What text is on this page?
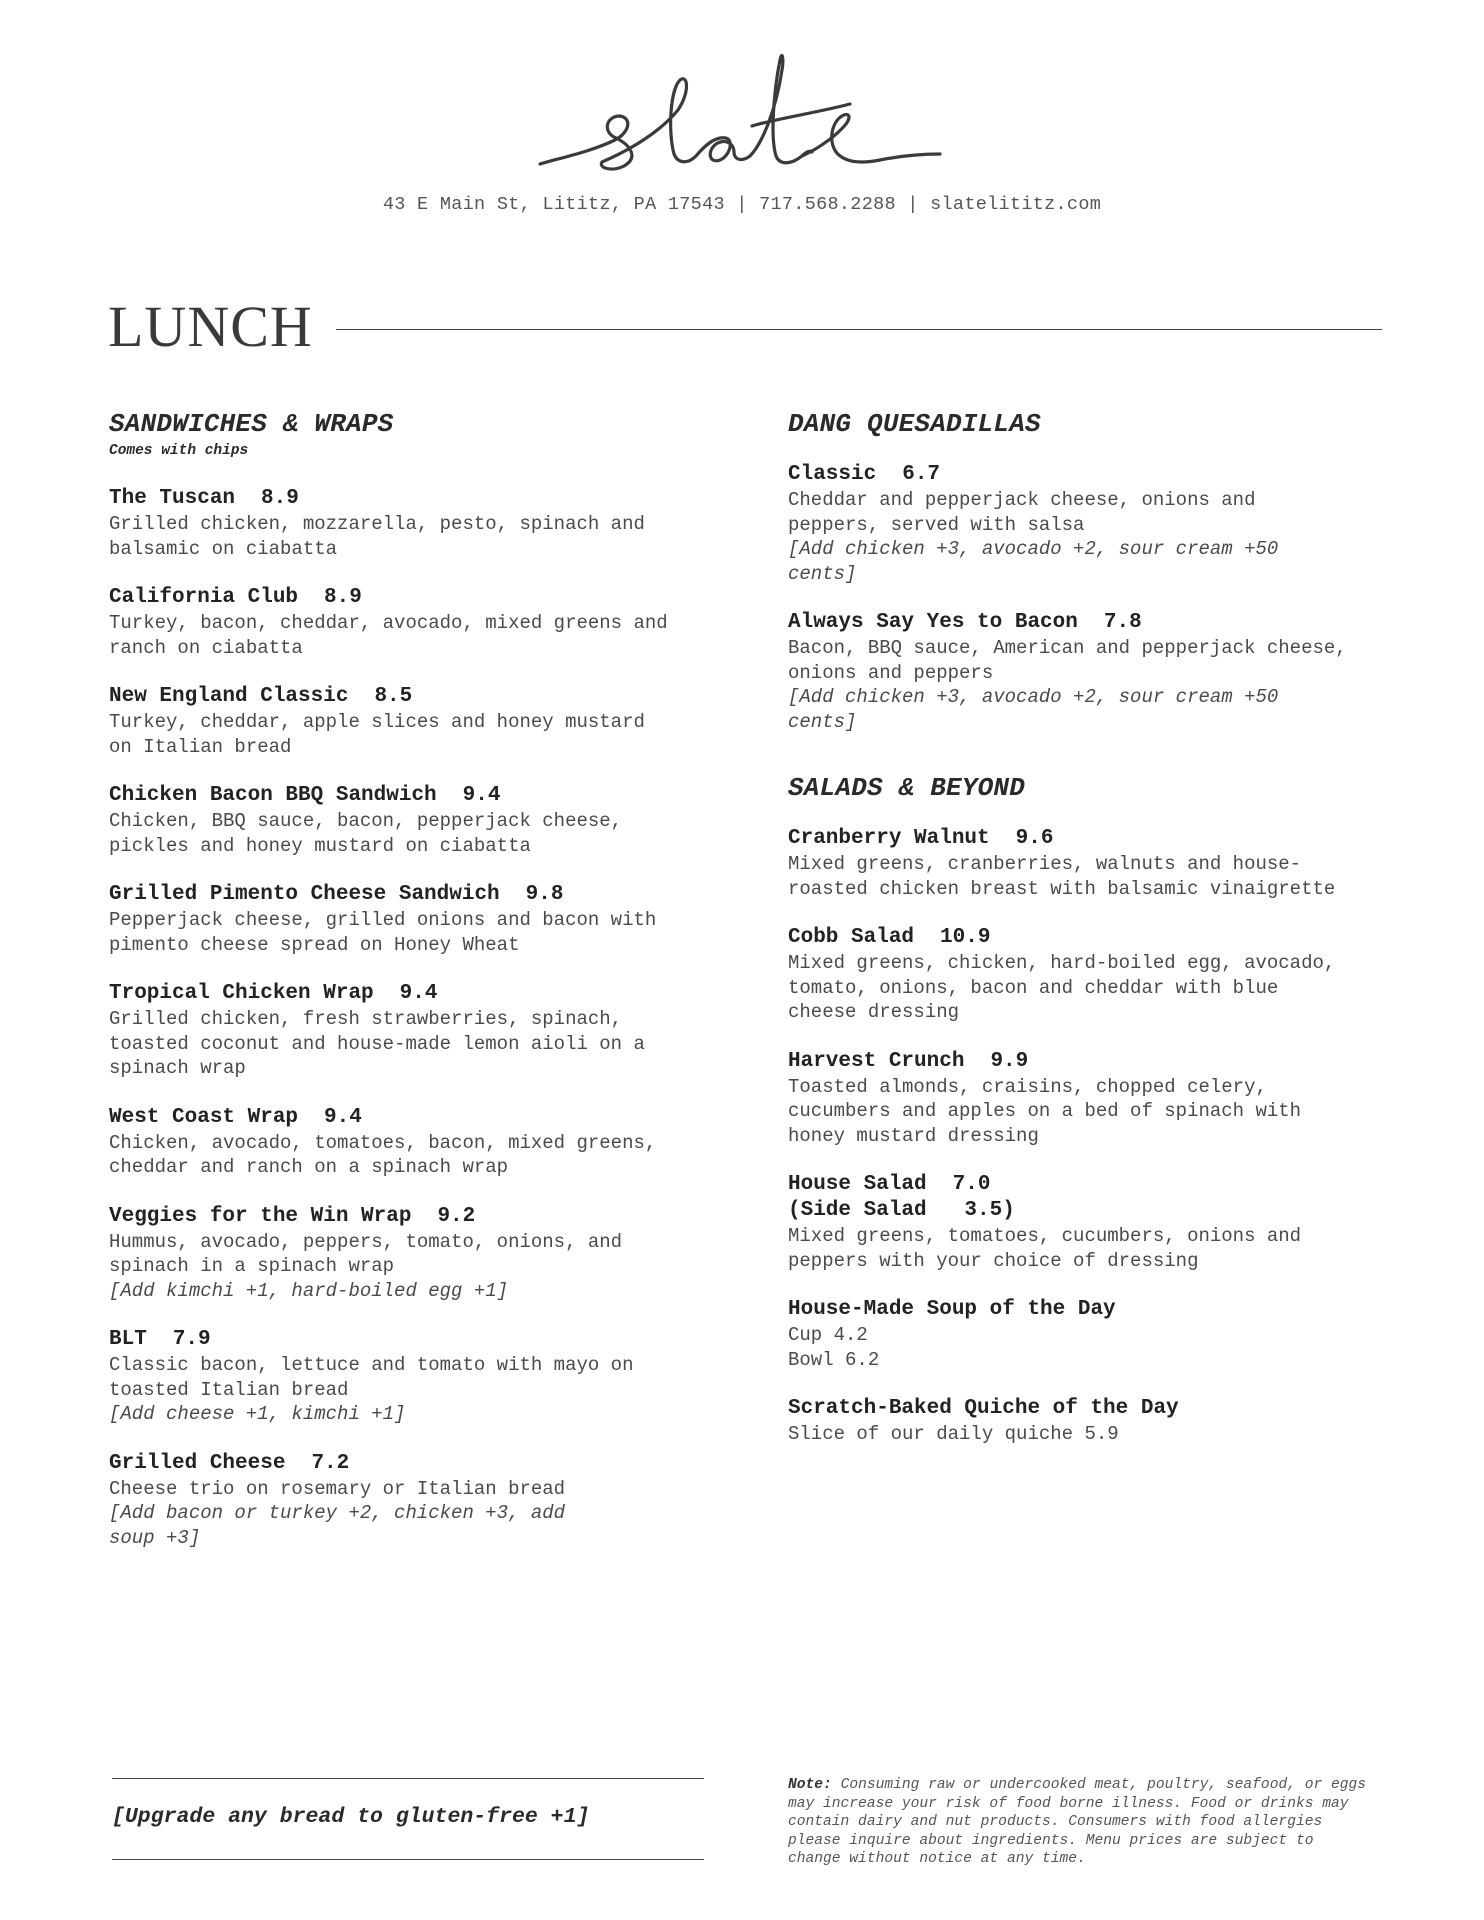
43 E Main St, Lititz, PA 17543 | 717.568.2288 | slatelititz.com
LUNCH
SANDWICHES & WRAPS
Comes with chips
The Tuscan 8.9
Grilled chicken, mozzarella, pesto, spinach and balsamic on ciabatta
California Club 8.9
Turkey, bacon, cheddar, avocado, mixed greens and ranch on ciabatta
New England Classic 8.5
Turkey, cheddar, apple slices and honey mustard on Italian bread
Chicken Bacon BBQ Sandwich 9.4
Chicken, BBQ sauce, bacon, pepperjack cheese, pickles and honey mustard on ciabatta
Grilled Pimento Cheese Sandwich 9.8
Pepperjack cheese, grilled onions and bacon with pimento cheese spread on Honey Wheat
Tropical Chicken Wrap 9.4
Grilled chicken, fresh strawberries, spinach, toasted coconut and house-made lemon aioli on a spinach wrap
West Coast Wrap 9.4
Chicken, avocado, tomatoes, bacon, mixed greens, cheddar and ranch on a spinach wrap
Veggies for the Win Wrap 9.2
Hummus, avocado, peppers, tomato, onions, and spinach in a spinach wrap
[Add kimchi +1, hard-boiled egg +1]
BLT 7.9
Classic bacon, lettuce and tomato with mayo on toasted Italian bread
[Add cheese +1, kimchi +1]
Grilled Cheese 7.2
Cheese trio on rosemary or Italian bread
[Add bacon or turkey +2, chicken +3, add soup +3]
DANG QUESADILLAS
Classic 6.7
Cheddar and pepperjack cheese, onions and peppers, served with salsa
[Add chicken +3, avocado +2, sour cream +50 cents]
Always Say Yes to Bacon 7.8
Bacon, BBQ sauce, American and pepperjack cheese, onions and peppers
[Add chicken +3, avocado +2, sour cream +50 cents]
SALADS & BEYOND
Cranberry Walnut 9.6
Mixed greens, cranberries, walnuts and house-roasted chicken breast with balsamic vinaigrette
Cobb Salad 10.9
Mixed greens, chicken, hard-boiled egg, avocado, tomato, onions, bacon and cheddar with blue cheese dressing
Harvest Crunch 9.9
Toasted almonds, craisins, chopped celery, cucumbers and apples on a bed of spinach with honey mustard dressing
House Salad 7.0
(Side Salad   3.5)
Mixed greens, tomatoes, cucumbers, onions and peppers with your choice of dressing
House-Made Soup of the Day
Cup 4.2
Bowl 6.2
Scratch-Baked Quiche of the Day
Slice of our daily quiche 5.9
[Upgrade any bread to gluten-free +1]
Note: Consuming raw or undercooked meat, poultry, seafood, or eggs may increase your risk of food borne illness. Food or drinks may contain dairy and nut products. Consumers with food allergies please inquire about ingredients. Menu prices are subject to change without notice at any time.
